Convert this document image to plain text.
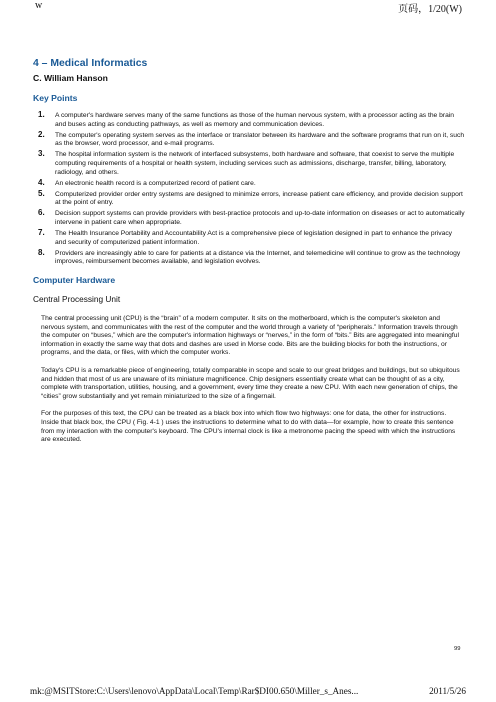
w	页码，1/20(W)
4 – Medical Informatics
C. William Hanson
Key Points
1. A computer's hardware serves many of the same functions as those of the human nervous system, with a processor acting as the brain and buses acting as conducting pathways, as well as memory and communication devices.
2. The computer's operating system serves as the interface or translator between its hardware and the software programs that run on it, such as the browser, word processor, and e-mail programs.
3. The hospital information system is the network of interfaced subsystems, both hardware and software, that coexist to serve the multiple computing requirements of a hospital or health system, including services such as admissions, discharge, transfer, billing, laboratory, radiology, and others.
4. An electronic health record is a computerized record of patient care.
5. Computerized provider order entry systems are designed to minimize errors, increase patient care efficiency, and provide decision support at the point of entry.
6. Decision support systems can provide providers with best-practice protocols and up-to-date information on diseases or act to automatically intervene in patient care when appropriate.
7. The Health Insurance Portability and Accountability Act is a comprehensive piece of legislation designed in part to enhance the privacy and security of computerized patient information.
8. Providers are increasingly able to care for patients at a distance via the Internet, and telemedicine will continue to grow as the technology improves, reimbursement becomes available, and legislation evolves.
Computer Hardware
Central Processing Unit

The central processing unit (CPU) is the “brain” of a modern computer. It sits on the motherboard, which is the computer's skeleton and nervous system, and communicates with the rest of the computer and the world through a variety of “peripherals.” Information travels through the computer on “buses,” which are the computer's information highways or “nerves,” in the form of “bits.” Bits are aggregated into meaningful information in exactly the same way that dots and dashes are used in Morse code. Bits are the building blocks for both the instructions, or programs, and the data, or files, with which the computer works.

Today's CPU is a remarkable piece of engineering, totally comparable in scope and scale to our great bridges and buildings, but so ubiquitous and hidden that most of us are unaware of its miniature magnificence. Chip designers essentially create what can be thought of as a city, complete with transportation, utilities, housing, and a government, every time they create a new CPU. With each new generation of chips, the “cities” grow substantially and yet remain miniaturized to the size of a fingernail.

For the purposes of this text, the CPU can be treated as a black box into which flow two highways: one for data, the other for instructions. Inside that black box, the CPU ( Fig. 4-1 ) uses the instructions to determine what to do with data—for example, how to create this sentence from my interaction with the computer's keyboard. The CPU's internal clock is like a metronome pacing the speed with which the instructions are executed.

99
mk:@MSITStore:C:\Users\lenovo\AppData\Local\Temp\Rar$DI00.650\Miller_s_Anes...	2011/5/26
